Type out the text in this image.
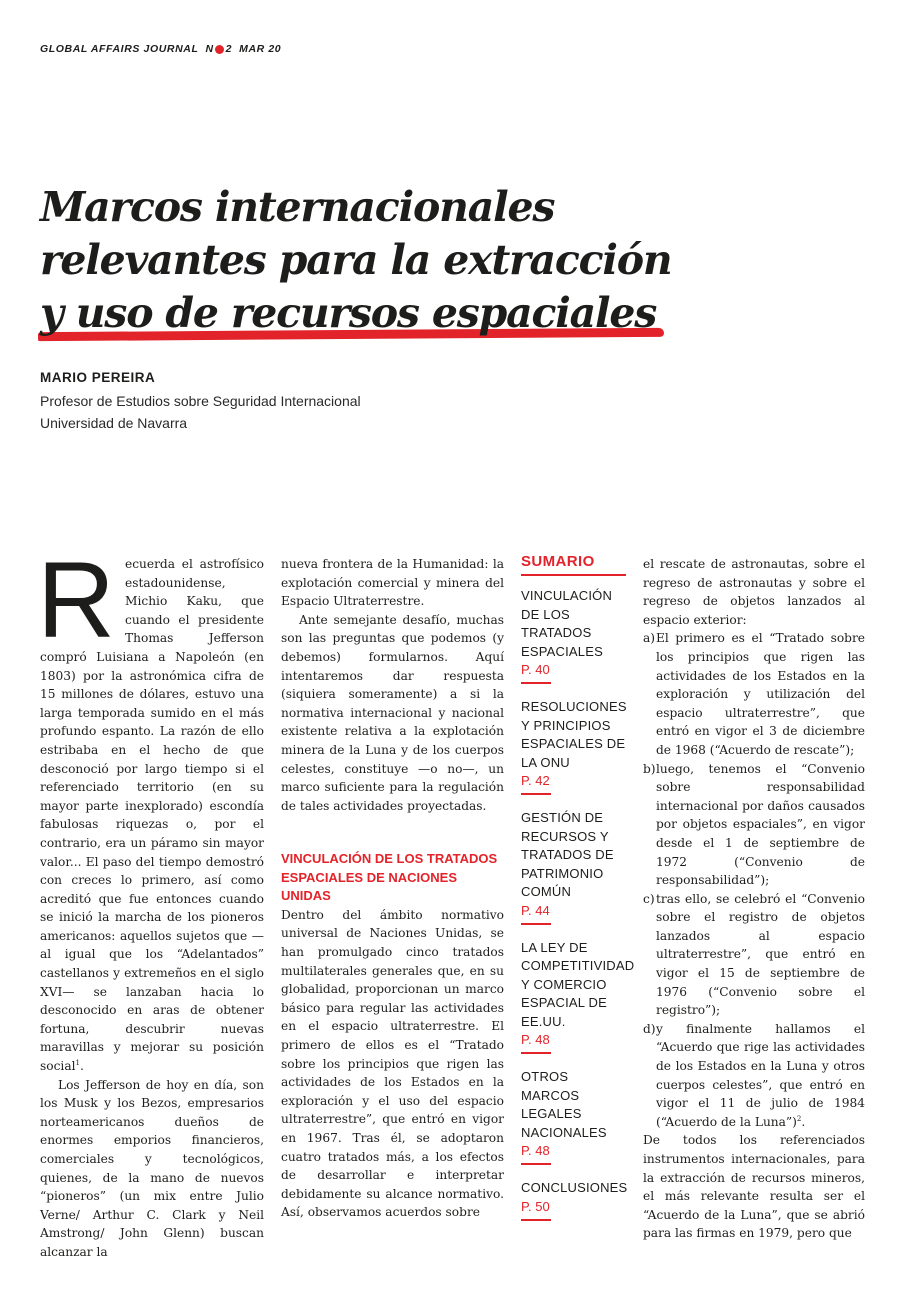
GLOBAL AFFAIRS JOURNAL N 2 MAR 20
Marcos internacionales
relevantes para la extracción
y uso de recursos espaciales
MARIO PEREIRA
Profesor de Estudios sobre Seguridad Internacional
Universidad de Navarra

Recuerda el astrofísico estadounidense, Michio Kaku, que cuando el presidente Thomas Jefferson compró Luisiana a Napoleón (en 1803) por la astronómica cifra de 15 millones de dólares, estuvo una larga temporada sumido en el más profundo espanto. La razón de ello estribaba en el hecho de que desconoció por largo tiempo si el referenciado territorio (en su mayor parte inexplorado) escondía fabulosas riquezas o, por el contrario, era un páramo sin mayor valor... El paso del tiempo demostró con creces lo primero, así como acreditó que fue entonces cuando se inició la marcha de los pioneros americanos: aquellos sujetos que —al igual que los “Adelantados” castellanos y extremeños en el siglo XVI— se lanzaban hacia lo desconocido en aras de obtener fortuna, descubrir nuevas maravillas y mejorar su posición social$^1$.

Los Jefferson de hoy en día, son los Musk y los Bezos, empresarios norteamericanos dueños de enormes emporios financieros, comerciales y tecnológicos, quienes, de la mano de nuevos “pioneros” (un mix entre Julio Verne/ Arthur C. Clark y Neil Amstrong/ John Glenn) buscan alcanzar la

nueva frontera de la Humanidad: la explotación comercial y minera del Espacio Ultraterrestre.

Ante semejante desafío, muchas son las preguntas que podemos (y debemos) formularnos. Aquí intentaremos dar respuesta (siquiera someramente) a si la normativa internacional y nacional existente relativa a la explotación minera de la Luna y de los cuerpos celestes, constituye —o no—, un marco suficiente para la regulación de tales actividades proyectadas.

VINCULACIÓN DE LOS TRATADOS ESPACIALES DE NACIONES UNIDAS

Dentro del ámbito normativo universal de Naciones Unidas, se han promulgado cinco tratados multilaterales generales que, en su globalidad, proporcionan un marco básico para regular las actividades en el espacio ultraterrestre. El primero de ellos es el “Tratado sobre los principios que rigen las actividades de los Estados en la exploración y el uso del espacio ultraterrestre”, que entró en vigor en 1967. Tras él, se adoptaron cuatro tratados más, a los efectos de desarrollar e interpretar debidamente su alcance normativo. Así, observamos acuerdos sobre

SUMARIO
VINCULACIÓN DE LOS TRATADOS ESPACIALES
P. 40
RESOLUCIONES Y PRINCIPIOS ESPACIALES DE LA ONU
P. 42
GESTIÓN DE RECURSOS Y TRATADOS DE PATRIMONIO COMÚN
P. 44
LA LEY DE COMPETITIVIDAD Y COMERCIO ESPACIAL DE EE.UU.
P. 48
OTROS MARCOS LEGALES NACIONALES
P. 48
CONCLUSIONES
P. 50

el rescate de astronautas, sobre el regreso de astronautas y sobre el regreso de objetos lanzados al espacio exterior:

a) El primero es el “Tratado sobre los principios que rigen las actividades de los Estados en la exploración y utilización del espacio ultraterrestre”, que entró en vigor el 3 de diciembre de 1968 (“Acuerdo de rescate”);
b) luego, tenemos el “Convenio sobre responsabilidad internacional por daños causados por objetos espaciales”, en vigor desde el 1 de septiembre de 1972 (“Convenio de responsabilidad”);
c) tras ello, se celebró el “Convenio sobre el registro de objetos lanzados al espacio ultraterrestre”, que entró en vigor el 15 de septiembre de 1976 (“Convenio sobre el registro”);
d) y finalmente hallamos el “Acuerdo que rige las actividades de los Estados en la Luna y otros cuerpos celestes”, que entró en vigor el 11 de julio de 1984 (“Acuerdo de la Luna”)$^2$.

De todos los referenciados instrumentos internacionales, para la extracción de recursos mineros, el más relevante resulta ser el “Acuerdo de la Luna”, que se abrió para las firmas en 1979, pero que
